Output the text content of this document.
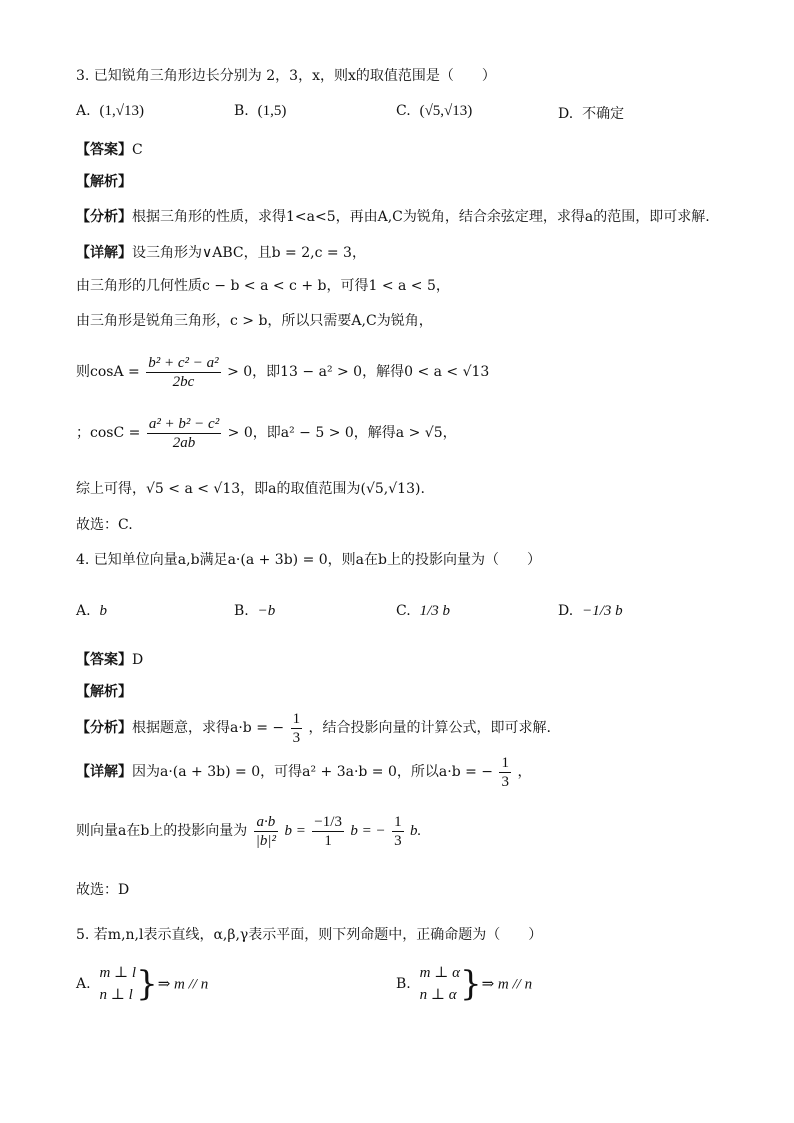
3. 已知锐角三角形边长分别为 2，3，x，则x的取值范围是（　　）
A. (1,√13)	B. (1,5)	C. (√5,√13)	D. 不确定
【答案】C
【解析】
【分析】根据三角形的性质，求得1<a<5，再由A,C为锐角，结合余弦定理，求得a的范围，即可求解.
【详解】设三角形为∨ABC，且b = 2,c = 3，
由三角形的几何性质c − b < a < c + b，可得1 < a < 5，
由三角形是锐角三角形，c > b，所以只需要A,C为锐角，
则$\cos A = \frac{\text{b² + c² − a²}}{2bc} > 0$，即13 − a² > 0，解得0 < a < √13
；$\cos C = \frac{\text{a² + b² − c²}}{2ab} > 0$，即a² − 5 > 0，解得a > √5，
综上可得，√5 < a < √13，即a的取值范围为(√5,√13).
故选：C.
4. 已知单位向量a,b满足a·(a + 3b) = 0，则a在b上的投影向量为（　　）
A. b	B. −b	C. 1/3 b	D. −1/3 b
【答案】D
【解析】
【分析】根据题意，求得a·b = − $\frac{1}{3}$ ，结合投影向量的计算公式，即可求解.
【详解】因为a·(a + 3b) = 0，可得a² + 3a·b = 0，所以a·b = − $\frac{1}{3}$ ，
则向量a在b上的投影向量为 $\frac{a\cdot b}{\text{|b|²}}$ $b = \frac{-1/3}{1}$ b = − $\frac{1}{3} b$.
故选：D
5. 若m,n,l表示直线，α,β,γ表示平面，则下列命题中，正确命题为（　　）
A.
m ⊥ l
n ⊥ l }⇒ m // n	B.
m ⊥ α
n ⊥ α }⇒ m // n
